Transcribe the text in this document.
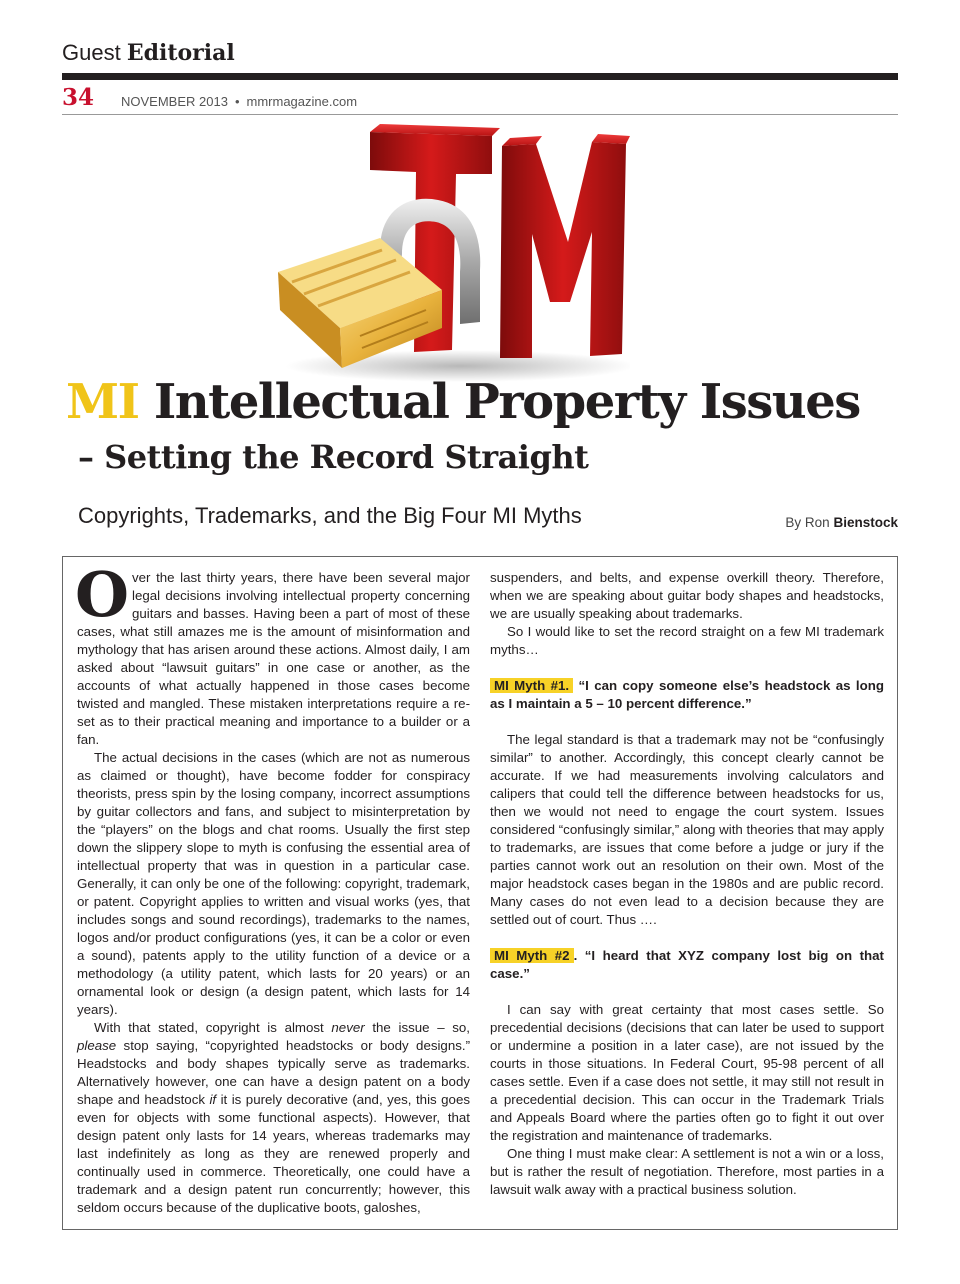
Guest Editorial
34 NOVEMBER 2013 • mmrmagazine.com
MI Intellectual Property Issues
– Setting the Record Straight
Copyrights, Trademarks, and the Big Four MI Myths	By Ron Bienstock

Over the last thirty years, there have been several major legal decisions involving intellectual property concerning guitars and basses. Having been a part of most of these cases, what still amazes me is the amount of misinformation and mythology that has arisen around these actions. Almost daily, I am asked about “lawsuit guitars” in one case or another, as the accounts of what actually happened in those cases become twisted and mangled. These mistaken interpretations require a re-set as to their practical meaning and importance to a builder or a fan.

The actual decisions in the cases (which are not as numerous as claimed or thought), have become fodder for conspiracy theorists, press spin by the losing company, incorrect assumptions by guitar collectors and fans, and subject to misinterpretation by the “players” on the blogs and chat rooms. Usually the first step down the slippery slope to myth is confusing the essential area of intellectual property that was in question in a particular case. Generally, it can only be one of the following: copyright, trademark, or patent. Copyright applies to written and visual works (yes, that includes songs and sound recordings), trademarks to the names, logos and/or product configurations (yes, it can be a color or even a sound), patents apply to the utility function of a device or a methodology (a utility patent, which lasts for 20 years) or an ornamental look or design (a design patent, which lasts for 14 years).

With that stated, copyright is almost never the issue – so, please stop saying, “copyrighted headstocks or body designs.” Headstocks and body shapes typically serve as trademarks. Alternatively however, one can have a design patent on a body shape and headstock if it is purely decorative (and, yes, this goes even for objects with some functional aspects). However, that design patent only lasts for 14 years, whereas trademarks may last indefinitely as long as they are renewed properly and continually used in commerce. Theoretically, one could have a trademark and a design patent run concurrently; however, this seldom occurs because of the duplicative boots, galoshes,

suspenders, and belts, and expense overkill theory. Therefore, when we are speaking about guitar body shapes and headstocks, we are usually speaking about trademarks.

So I would like to set the record straight on a few MI trademark myths…

MI Myth #1. “I can copy someone else’s headstock as long as I maintain a 5 – 10 percent difference.”

The legal standard is that a trademark may not be “confusingly similar” to another. Accordingly, this concept clearly cannot be accurate. If we had measurements involving calculators and calipers that could tell the difference between headstocks for us, then we would not need to engage the court system. Issues considered “confusingly similar,” along with theories that may apply to trademarks, are issues that come before a judge or jury if the parties cannot work out an resolution on their own. Most of the major headstock cases began in the 1980s and are public record. Many cases do not even lead to a decision because they are settled out of court. Thus ….

MI Myth #2 . “I heard that XYZ company lost big on that case.”

I can say with great certainty that most cases settle. So precedential decisions (decisions that can later be used to support or undermine a position in a later case), are not issued by the courts in those situations. In Federal Court, 95-98 percent of all cases settle. Even if a case does not settle, it may still not result in a precedential decision. This can occur in the Trademark Trials and Appeals Board where the parties often go to fight it out over the registration and maintenance of trademarks.

One thing I must make clear: A settlement is not a win or a loss, but is rather the result of negotiation. Therefore, most parties in a lawsuit walk away with a practical business solution.
